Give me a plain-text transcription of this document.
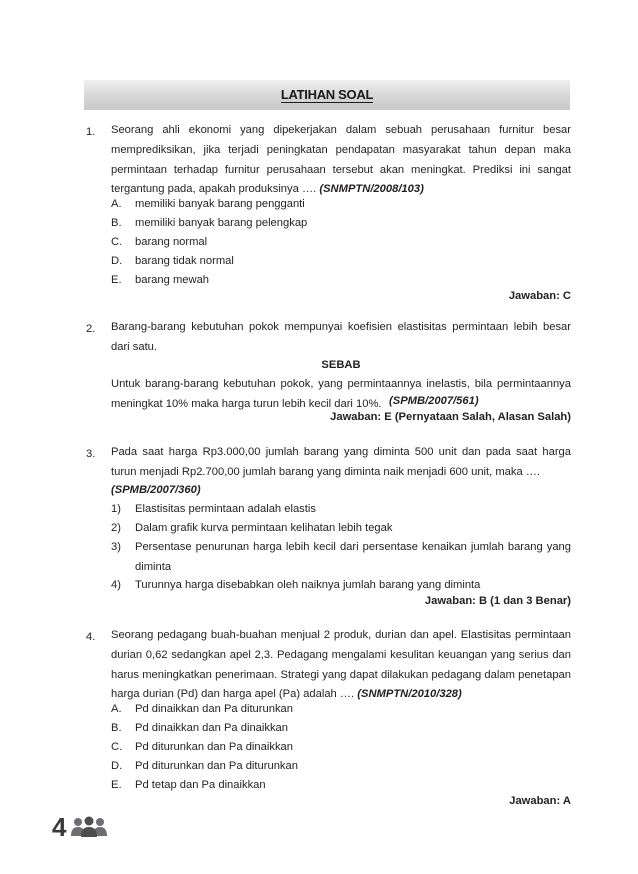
LATIHAN SOAL
1. Seorang ahli ekonomi yang dipekerjakan dalam sebuah perusahaan furnitur besar memprediksikan, jika terjadi peningkatan pendapatan masyarakat tahun depan maka permintaan terhadap furnitur perusahaan tersebut akan meningkat. Prediksi ini sangat tergantung pada, apakah produksinya …. (SNMPTN/2008/103)
A. memiliki banyak barang pengganti
B. memiliki banyak barang pelengkap
C. barang normal
D. barang tidak normal
E. barang mewah
Jawaban: C
2. Barang-barang kebutuhan pokok mempunyai koefisien elastisitas permintaan lebih besar dari satu.
SEBAB
Untuk barang-barang kebutuhan pokok, yang permintaannya inelastis, bila permintaannya meningkat 10% maka harga turun lebih kecil dari 10%. (SPMB/2007/561)
Jawaban: E (Pernyataan Salah, Alasan Salah)
3. Pada saat harga Rp3.000,00 jumlah barang yang diminta 500 unit dan pada saat harga turun menjadi Rp2.700,00 jumlah barang yang diminta naik menjadi 600 unit, maka ….
(SPMB/2007/360)
1) Elastisitas permintaan adalah elastis
2) Dalam grafik kurva permintaan kelihatan lebih tegak
3) Persentase penurunan harga lebih kecil dari persentase kenaikan jumlah barang yang diminta
4) Turunnya harga disebabkan oleh naiknya jumlah barang yang diminta
Jawaban: B (1 dan 3 Benar)
4. Seorang pedagang buah-buahan menjual 2 produk, durian dan apel. Elastisitas permintaan durian 0,62 sedangkan apel 2,3. Pedagang mengalami kesulitan keuangan yang serius dan harus meningkatkan penerimaan. Strategi yang dapat dilakukan pedagang dalam penetapan harga durian (Pd) dan harga apel (Pa) adalah …. (SNMPTN/2010/328)
A. Pd dinaikkan dan Pa diturunkan
B. Pd dinaikkan dan Pa dinaikkan
C. Pd diturunkan dan Pa dinaikkan
D. Pd diturunkan dan Pa diturunkan
E. Pd tetap dan Pa dinaikkan
Jawaban: A
4
